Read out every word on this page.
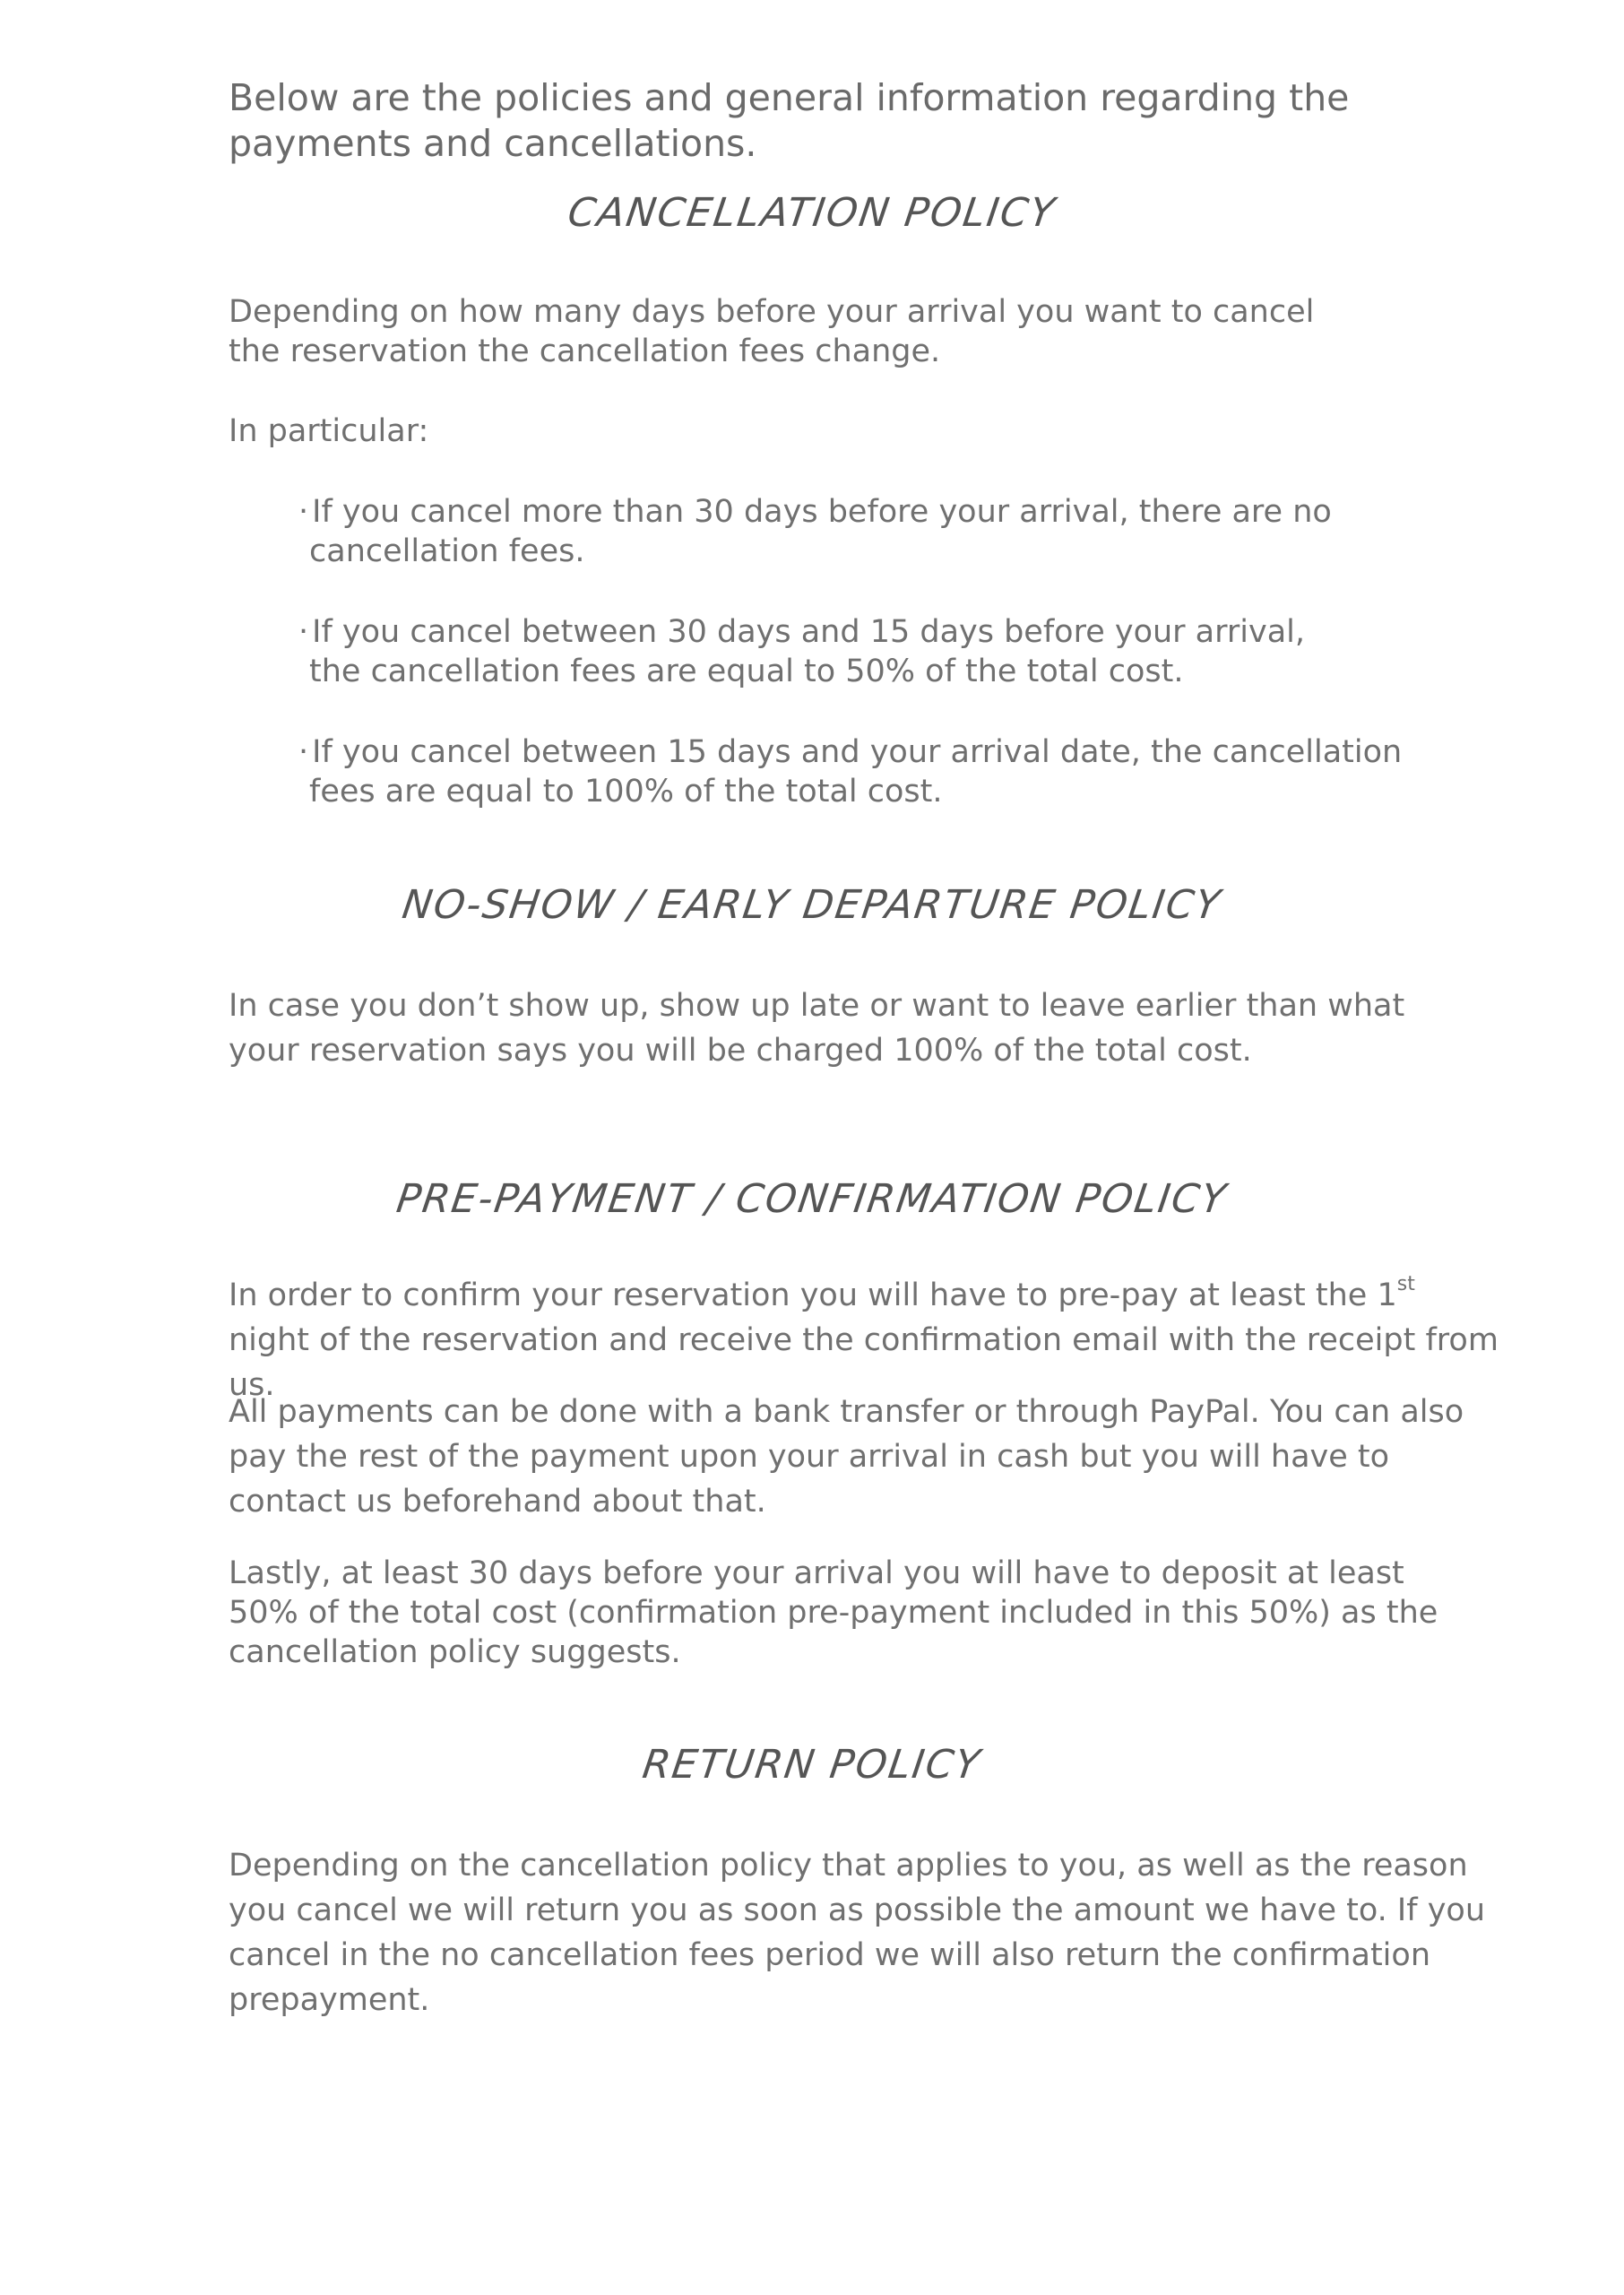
Below are the policies and general information regarding the payments and cancellations.

CANCELLATION POLICY

Depending on how many days before your arrival you want to cancel the reservation the cancellation fees change.

In particular:

· If you cancel more than 30 days before your arrival, there are no cancellation fees.

· If you cancel between 30 days and 15 days before your arrival, the cancellation fees are equal to 50% of the total cost.

· If you cancel between 15 days and your arrival date, the cancellation fees are equal to 100% of the total cost.

NO-SHOW / EARLY DEPARTURE POLICY

In case you don’t show up, show up late or want to leave earlier than what your reservation says you will be charged 100% of the total cost.

PRE-PAYMENT / CONFIRMATION POLICY

In order to confirm your reservation you will have to pre-pay at least the 1st night of the reservation and receive the confirmation email with the receipt from us.

All payments can be done with a bank transfer or through PayPal. You can also pay the rest of the payment upon your arrival in cash but you will have to contact us beforehand about that.

Lastly, at least 30 days before your arrival you will have to deposit at least 50% of the total cost (confirmation pre-payment included in this 50%) as the cancellation policy suggests.

RETURN POLICY

Depending on the cancellation policy that applies to you, as well as the reason you cancel we will return you as soon as possible the amount we have to. If you cancel in the no cancellation fees period we will also return the confirmation prepayment.
